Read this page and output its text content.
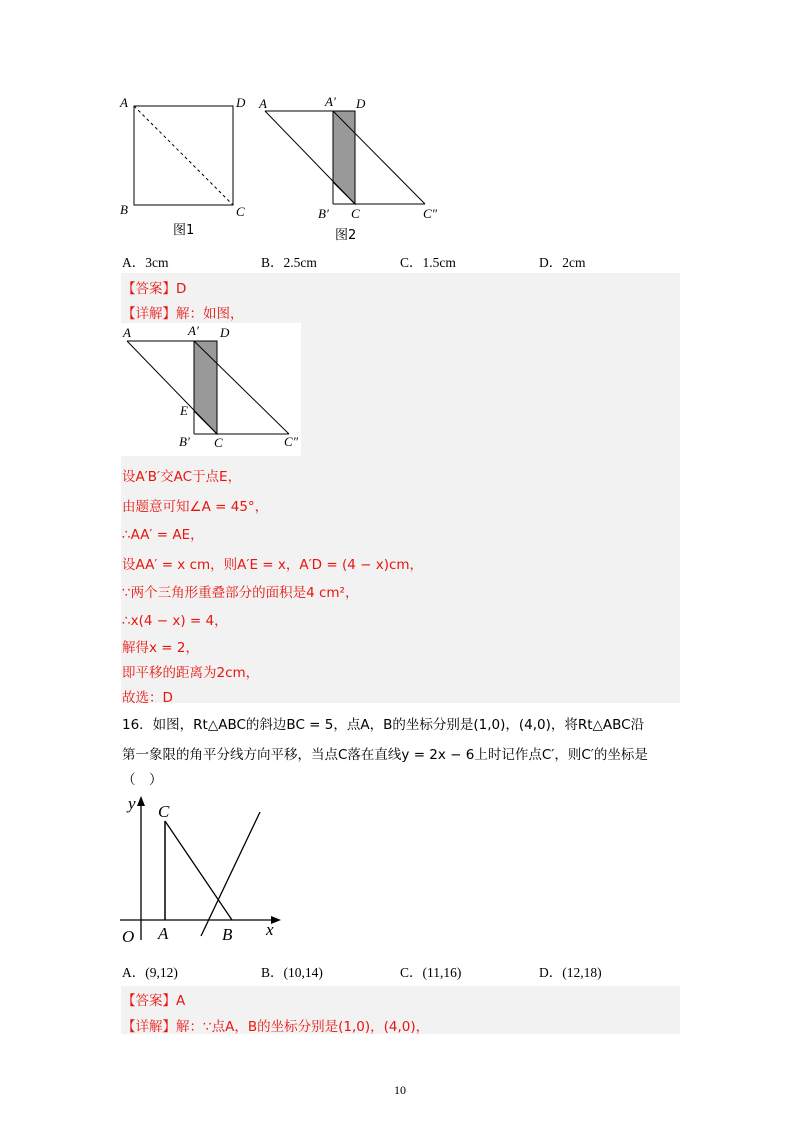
A	D
B	C
图1
A	A′ D
B′ C	C″
图2
A．3cm	B．2.5cm	C．1.5cm	D．2cm
【答案】D
【详解】解：如图，
A	A′ D
E
B′ C	C″
设A′B′交AC于点E，
由题意可知∠A = 45°，
∴AA′ = AE，
设AA′ = x cm，则A′E = x，A′D = (4 − x)cm，
∵两个三角形重叠部分的面积是4 cm²，
∴x(4 − x) = 4，
解得x = 2，
即平移的距离为2cm，
故选：D
16．如图，Rt△ABC的斜边BC = 5，点A，B的坐标分别是(1,0)，(4,0)，将Rt△ABC沿
第一象限的角平分线方向平移，当点C落在直线y = 2x − 6上时记作点C′，则C′的坐标是
（　）
y C
O A	B x
A．(9,12)	B．(10,14)	C．(11,16)	D．(12,18)
【答案】A
【详解】解：∵点A，B的坐标分别是(1,0)，(4,0)，
10
